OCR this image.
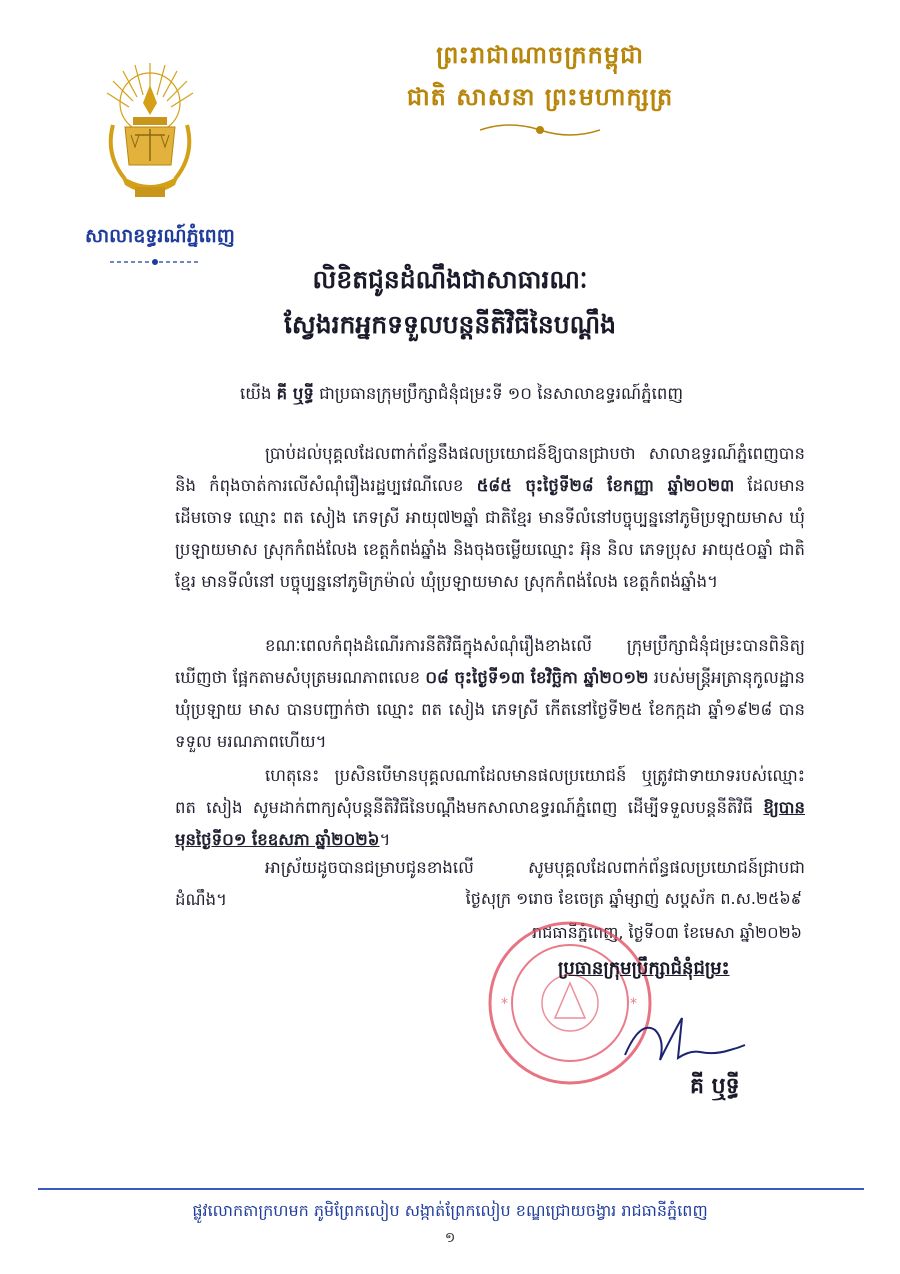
សាលាឧទ្ធរណ៍ភ្នំពេញ
ព្រះរាជាណាចក្រកម្ពុជា
ជាតិ សាសនា ព្រះមហាក្សត្រ
លិខិតជូនដំណឹងជាសាធារណៈ
ស្វែងរកអ្នកទទួលបន្តនីតិវិធីនៃបណ្តឹង
យើង គី ឬទ្ធី ជាប្រធានក្រុមប្រឹក្សាជំនុំជម្រះទី ១០ នៃសាលាឧទ្ធរណ៍ភ្នំពេញ
ប្រាប់ដល់បុគ្គលដែលពាក់ព័ន្ធនឹងផលប្រយោជន៍ឱ្យបានជ្រាបថា សាលាឧទ្ធរណ៍ភ្នំពេញបាន និង កំពុងចាត់ការលើសំណុំរឿងរដ្ឋប្បវេណីលេខ ៥៨៥ ចុះថ្ងៃទី២៨ ខែកញ្ញា ឆ្នាំ២០២៣ ដែលមានដើមចោទ ឈ្មោះ ពត សៀង ភេទស្រី អាយុ៧២ឆ្នាំ ជាតិខ្មែរ មានទីលំនៅបច្ចុប្បន្ននៅភូមិប្រឡាយមាស ឃុំប្រឡាយមាស ស្រុកកំពង់លែង ខេត្តកំពង់ឆ្នាំង និងចុងចម្លើយឈ្មោះ អ៊ុន និល ភេទប្រុស អាយុ៥០ឆ្នាំ ជាតិខ្មែរ មានទីលំនៅ បច្ចុប្បន្ននៅភូមិក្រម៉ាល់ ឃុំប្រឡាយមាស ស្រុកកំពង់លែង ខេត្តកំពង់ឆ្នាំង។
ខណៈពេលកំពុងដំណើរការនីតិវិធីក្នុងសំណុំរឿងខាងលើ ក្រុមប្រឹក្សាជំនុំជម្រះបានពិនិត្យឃើញថា ផ្អែកតាមសំបុត្រមរណភាពលេខ ០៨ ចុះថ្ងៃទី១៣ ខែវិច្ឆិកា ឆ្នាំ២០១២ របស់មន្ត្រីអត្រានុកូលដ្ឋានឃុំប្រឡាយ មាស បានបញ្ជាក់ថា ឈ្មោះ ពត សៀង ភេទស្រី កើតនៅថ្ងៃទី២៥ ខែកក្កដា ឆ្នាំ១៩២៨ បានទទួល មរណភាពហើយ។
ហេតុនេះ ប្រសិនបើមានបុគ្គលណាដែលមានផលប្រយោជន៍ ឬត្រូវជាទាយាទរបស់ឈ្មោះ ពត សៀង សូមដាក់ពាក្យសុំបន្តនីតិវិធីនៃបណ្តឹងមកសាលាឧទ្ធរណ៍ភ្នំពេញ ដើម្បីទទួលបន្តនីតិវិធី ឱ្យបានមុនថ្ងៃទី០១ ខែឧសភា ឆ្នាំ២០២៦។
អាស្រ័យដូចបានជម្រាបជូនខាងលើ សូមបុគ្គលដែលពាក់ព័ន្ធផលប្រយោជន៍ជ្រាបជាដំណឹង។	ថ្ងៃសុក្រ ១រោច ខែចេត្រ ឆ្នាំម្សាញ់ សប្តស័ក ព.ស.២៥៦៩
រាជធានីភ្នំពេញ, ថ្ងៃទី០៣ ខែមេសា ឆ្នាំ២០២៦
*	*
ប្រធានក្រុមប្រឹក្សាជំនុំជម្រះ
គី ឬទ្ធី
ផ្លូវលោកតាក្រហមក ភូមិព្រែកលៀប សង្កាត់ព្រែកលៀប ខណ្ឌជ្រោយចង្វារ រាជធានីភ្នំពេញ
១
